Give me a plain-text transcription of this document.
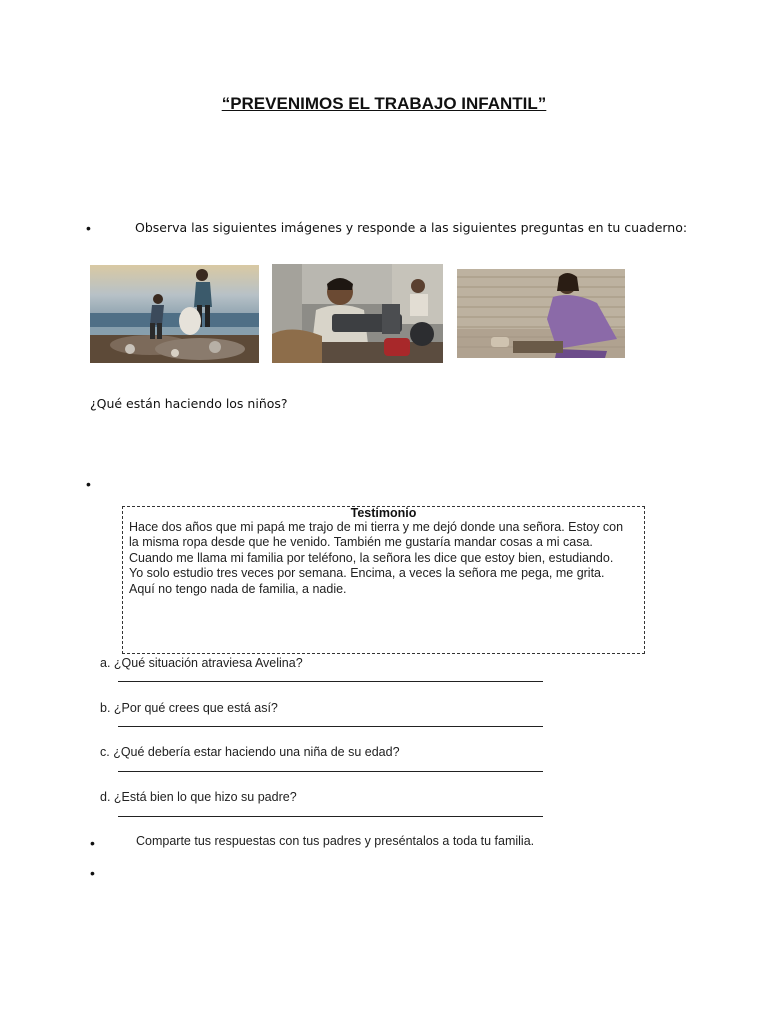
“PREVENIMOS EL TRABAJO INFANTIL”
•	Observa las siguientes imágenes y responde a las siguientes preguntas en tu cuaderno:
¿Qué están haciendo los niños?
•
Testimonio
Hace dos años que mi papá me trajo de mi tierra y me dejó donde una señora. Estoy con
la misma ropa desde que he venido. También me gustaría mandar cosas a mi casa.
Cuando me llama mi familia por teléfono, la señora les dice que estoy bien, estudiando.
Yo solo estudio tres veces por semana. Encima, a veces la señora me pega, me grita.
Aquí no tengo nada de familia, a nadie.
a. ¿Qué situación atraviesa Avelina?
b. ¿Por qué crees que está así?
c. ¿Qué debería estar haciendo una niña de su edad?
d. ¿Está bien lo que hizo su padre?
•	Comparte tus respuestas con tus padres y preséntalos a toda tu familia.
•
